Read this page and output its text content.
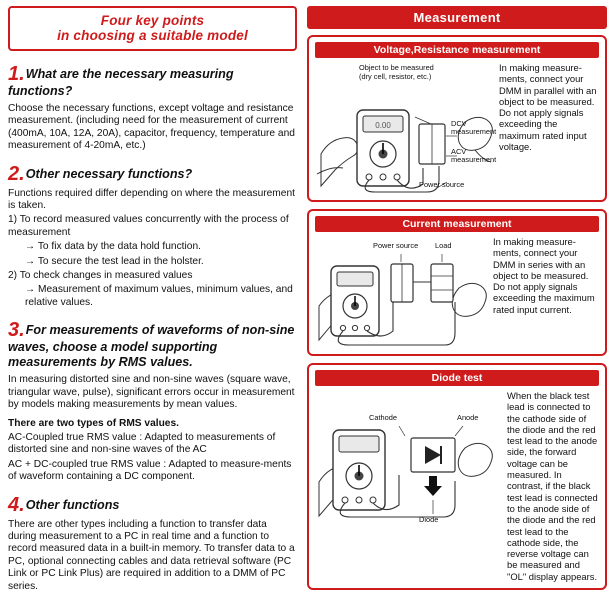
Four key points
in choosing a suitable model
1.What are the necessary measuring functions?

Choose the necessary functions, except voltage and resistance measurement. (including need for the measurement of current (400mA, 10A, 12A, 20A), capacitor, frequency, temperature and measurement of 4-20mA, etc.)

2.Other necessary functions?

Functions required differ depending on where the measurement is taken.

1) To record measured values concurrently with the process of measurement

→ To fix data by the data hold function.

→ To secure the test lead in the holster.

2) To check changes in measured values

→ Measurement of maximum values, minimum values, and relative values.

3.For measurements of waveforms of non-sine waves, choose a model supporting measurements by RMS values.

In measuring distorted sine and non-sine waves (square wave, triangular wave, pulse), significant errors occur in measurement by models making measurements by mean values.

There are two types of RMS values.

AC-Coupled true RMS value : Adapted to measurements of distorted sine and non-sine waves of the AC

AC + DC-coupled true RMS value : Adapted to measure-ments of waveform containing a DC component.

4.Other functions

There are other types including a function to transfer data during measurement to a PC in real time and a function to record measured data in a built-in memory. To transfer data to a PC, optional connecting cables and data retrieval software (PC Link or PC Link Plus) are required in addition to a DMM of PC series.

Measurement
Voltage,Resistance measurement
0.00
Object to be measured
(dry cell, resistor, etc.)
DCV
measurement
ACV
measurement
Power source
In making measure-ments, connect your DMM in parallel with an object to be measured. Do not apply signals exceeding the maximum rated input voltage.
Current measurement
Power source Load	In making measure-ments, connect your DMM in series with an object to be measured. Do not apply signals exceeding the maximum rated input current.
Diode test
Cathode	Anode
Diode
When the black test lead is connected to the cathode side of the diode and the red test lead to the anode side, the forward voltage can be measured. In contrast, if the black test lead is connected to the anode side of the diode and the red test lead to the cathode side, the reverse voltage can be measured and "OL" display appears.
